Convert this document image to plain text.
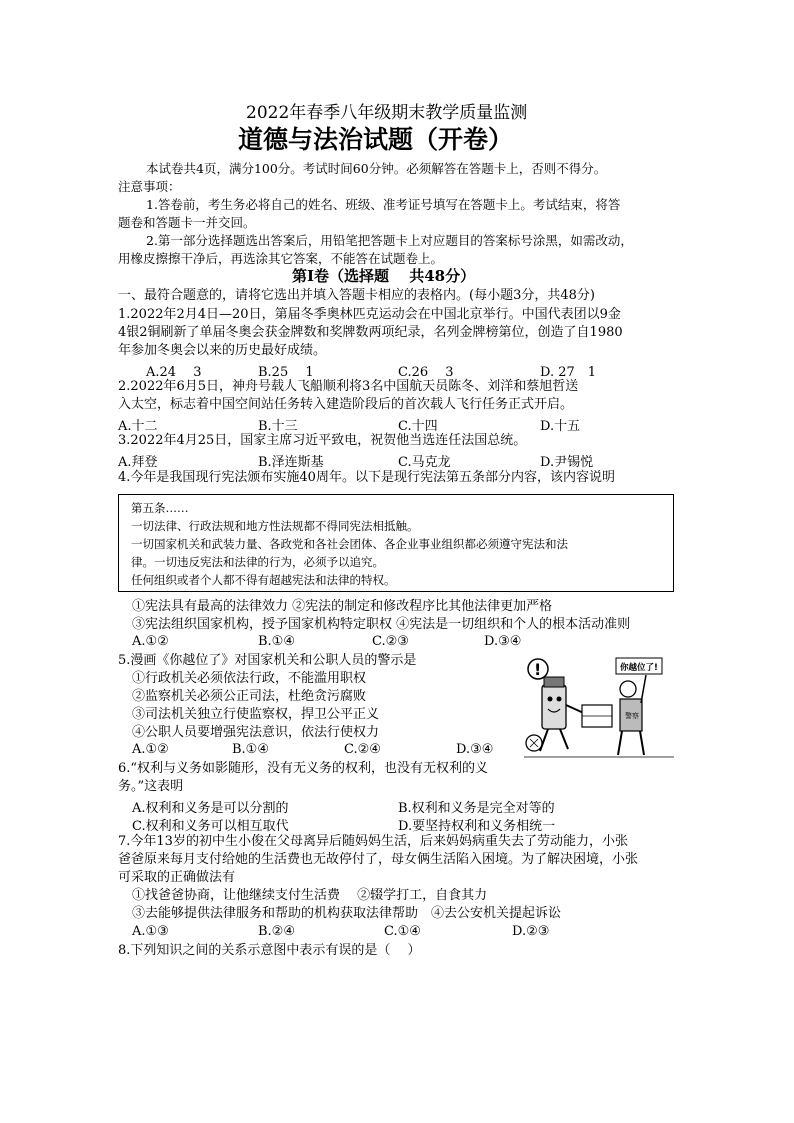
2022年春季八年级期末教学质量监测
道德与法治试题（开卷）
本试卷共4页，满分100分。考试时间60分钟。必须解答在答题卡上，否则不得分。
注意事项：
1.答卷前，考生务必将自己的姓名、班级、准考证号填写在答题卡上。考试结束，将答
题卷和答题卡一并交回。
2.第一部分选择题选出答案后，用铅笔把答题卡上对应题目的答案标号涂黑，如需改动，
用橡皮擦擦干净后，再选涂其它答案，不能答在试题卷上。
第Ⅰ卷（选择题　 共48分）
一、最符合题意的，请将它选出并填入答题卡相应的表格内。(每小题3分，共48分)
1.2022年2月4日—20日，第届冬季奥林匹克运动会在中国北京举行。中国代表团以9金
4银2铜刷新了单届冬奥会获金牌数和奖牌数两项纪录，名列金牌榜第位，创造了自1980
年参加冬奥会以来的历史最好成绩。
A.24　 3	B.25　 1	C.26　 3	D. 27　1
2.2022年6月5日，神舟号载人飞船顺利将3名中国航天员陈冬、刘洋和蔡旭哲送
入太空，标志着中国空间站任务转入建造阶段后的首次载人飞行任务正式开启。
A.十二	B.十三	C.十四	D.十五
3.2022年4月25日，国家主席习近平致电，祝贺他当选连任法国总统。
A.拜登	B.泽连斯基	C.马克龙	D.尹锡悦
4.今年是我国现行宪法颁布实施40周年。以下是现行宪法第五条部分内容，该内容说明
第五条……
一切法律、行政法规和地方性法规都不得同宪法相抵触。
一切国家机关和武装力量、各政党和各社会团体、各企业事业组织都必须遵守宪法和法
律。一切违反宪法和法律的行为，必须予以追究。
任何组织或者个人都不得有超越宪法和法律的特权。
①宪法具有最高的法律效力 ②宪法的制定和修改程序比其他法律更加严格
③宪法组织国家机构，授予国家机构特定职权 ④宪法是一切组织和个人的根本活动准则
A.①②	B.①④	C.②③	D.③④
5.漫画《你越位了》对国家机关和公职人员的警示是
①行政机关必须依法行政，不能滥用职权
②监察机关必须公正司法，杜绝贪污腐败
③司法机关独立行使监察权，捍卫公平正义
④公职人员要增强宪法意识，依法行使权力
A.①②	B.①④	C.②④	D.③④
!	你越位了!
警察
6.“权利与义务如影随形，没有无义务的权利，也没有无权利的义
务。”这表明
A.权利和义务是可以分割的	B.权利和义务是完全对等的
C.权利和义务可以相互取代	D.要坚持权利和义务相统一
7.今年13岁的初中生小俊在父母离异后随妈妈生活，后来妈妈病重失去了劳动能力，小张
爸爸原来每月支付给她的生活费也无故停付了，母女俩生活陷入困境。为了解决困境，小张
可采取的正确做法有
①找爸爸协商，让他继续支付生活费　 ②辍学打工，自食其力
③去能够提供法律服务和帮助的机构获取法律帮助　④去公安机关提起诉讼
A.①③	B.②④	C.①④	D.②③
8.下列知识之间的关系示意图中表示有误的是（　 ）
